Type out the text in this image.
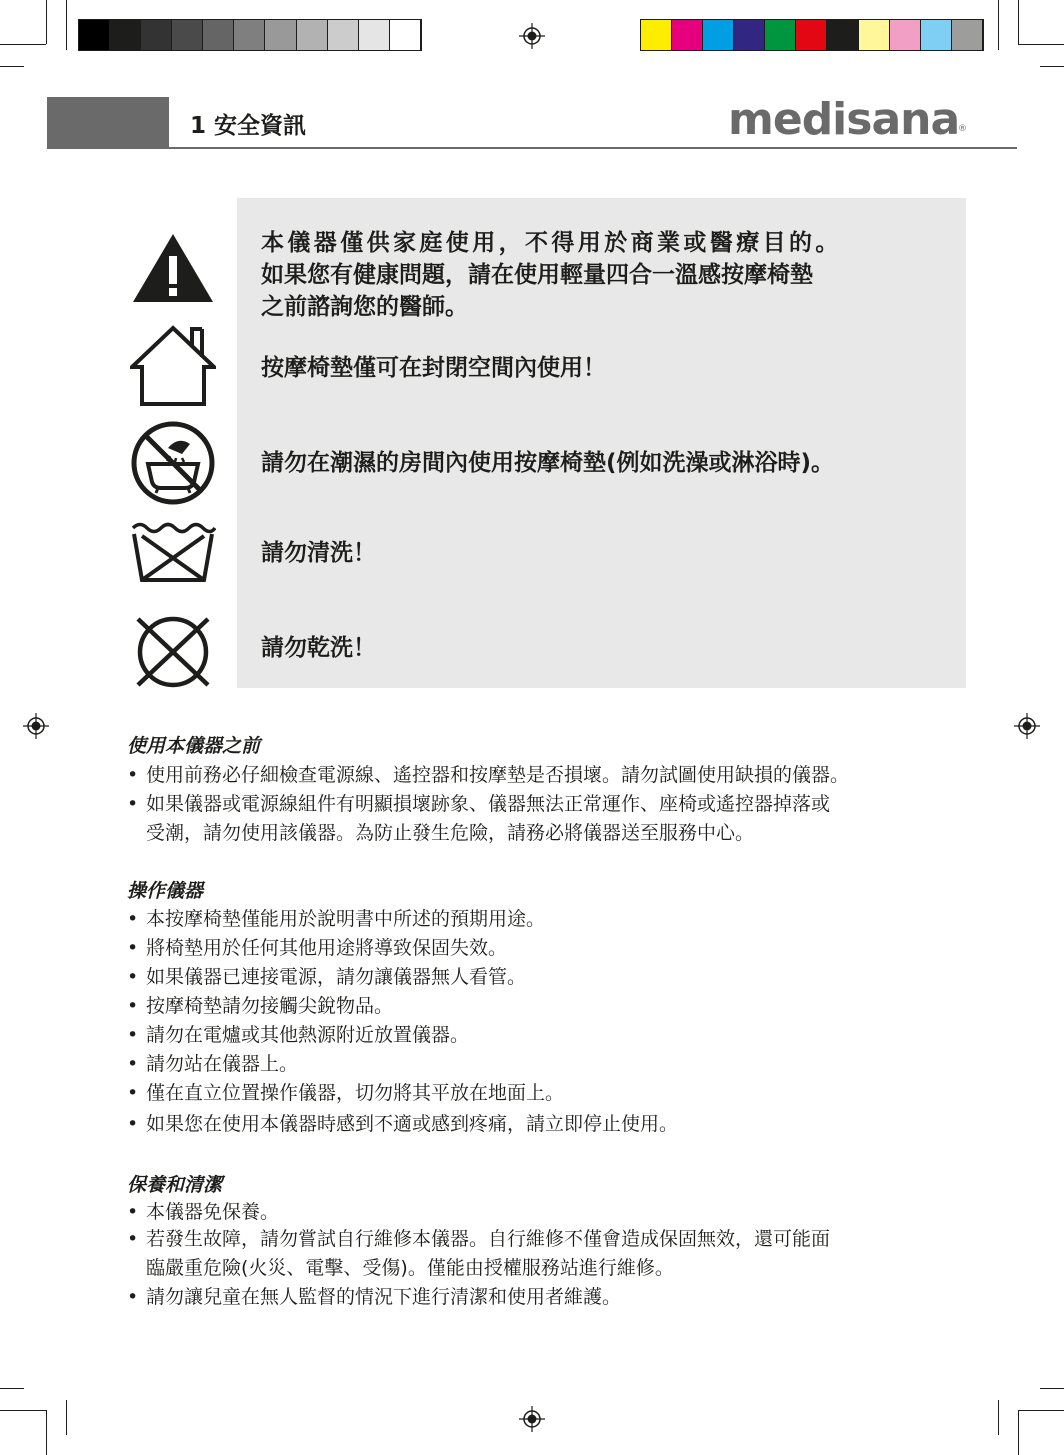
1 安全資訊	medisana
®
本儀器僅供家庭使用，不得用於商業或醫療目的。
如果您有健康問題，請在使用輕量四合一溫感按摩椅墊
之前諮詢您的醫師。
按摩椅墊僅可在封閉空間內使用！
請勿在潮濕的房間內使用按摩椅墊(例如洗澡或淋浴時)。
請勿清洗！
請勿乾洗！
使用本儀器之前
• 使用前務必仔細檢查電源線、遙控器和按摩墊是否損壞。請勿試圖使用缺損的儀器。
• 如果儀器或電源線組件有明顯損壞跡象、儀器無法正常運作、座椅或遙控器掉落或
受潮，請勿使用該儀器。為防止發生危險，請務必將儀器送至服務中心。
操作儀器
• 本按摩椅墊僅能用於說明書中所述的預期用途。
• 將椅墊用於任何其他用途將導致保固失效。
• 如果儀器已連接電源，請勿讓儀器無人看管。
• 按摩椅墊請勿接觸尖銳物品。
• 請勿在電爐或其他熱源附近放置儀器。
• 請勿站在儀器上。
• 僅在直立位置操作儀器，切勿將其平放在地面上。
• 如果您在使用本儀器時感到不適或感到疼痛，請立即停止使用。
保養和清潔
• 本儀器免保養。
• 若發生故障，請勿嘗試自行維修本儀器。自行維修不僅會造成保固無效，還可能面
臨嚴重危險(火災、電擊、受傷)。僅能由授權服務站進行維修。
• 請勿讓兒童在無人監督的情況下進行清潔和使用者維護。
